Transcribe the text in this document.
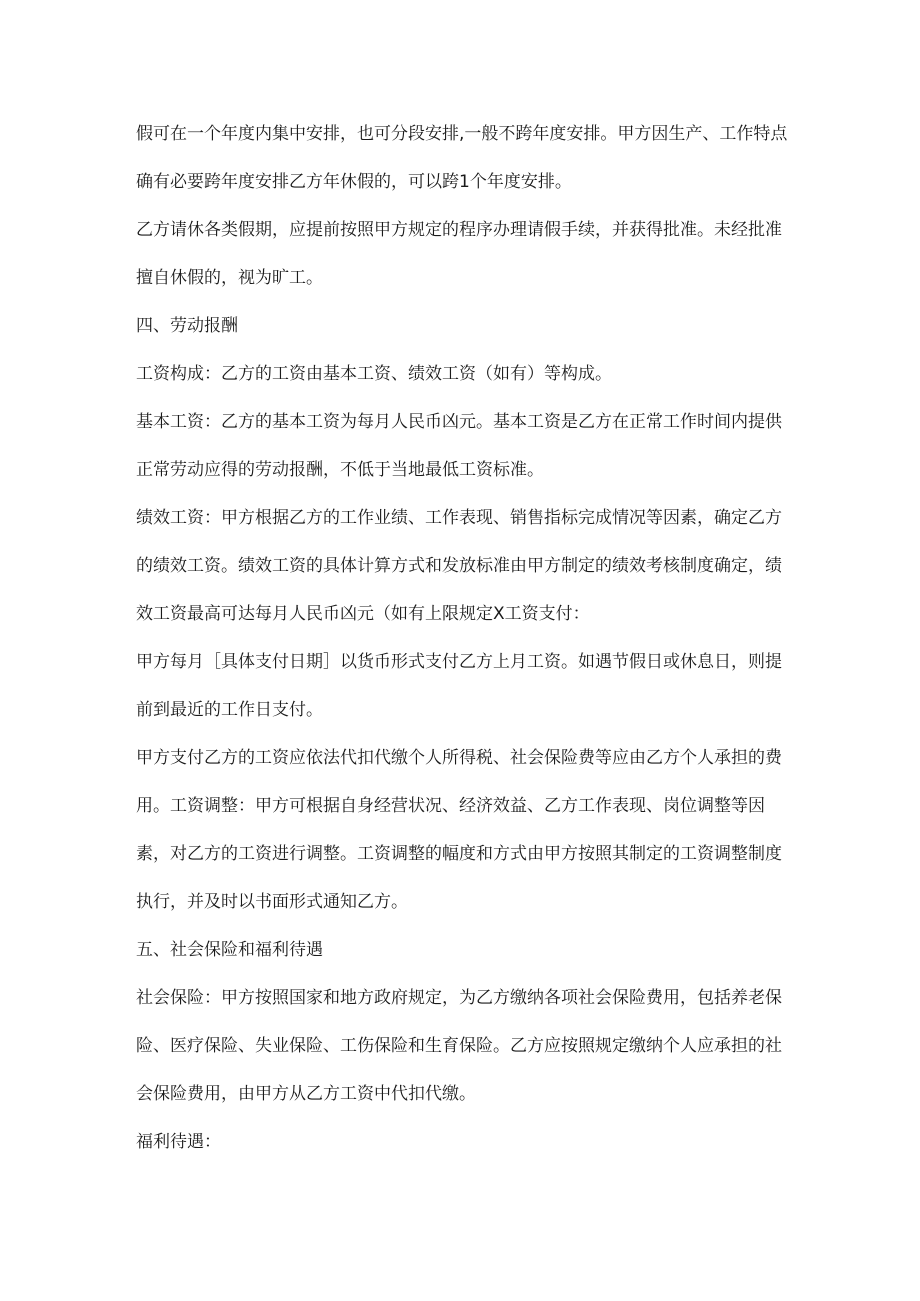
假可在一个年度内集中安排，也可分段安排,一般不跨年度安排。甲方因生产、工作特点
确有必要跨年度安排乙方年休假的，可以跨1个年度安排。
乙方请休各类假期，应提前按照甲方规定的程序办理请假手续，并获得批准。未经批准
擅自休假的，视为旷工。
四、劳动报酬
工资构成：乙方的工资由基本工资、绩效工资（如有）等构成。
基本工资：乙方的基本工资为每月人民币凶元。基本工资是乙方在正常工作时间内提供
正常劳动应得的劳动报酬，不低于当地最低工资标准。
绩效工资：甲方根据乙方的工作业绩、工作表现、销售指标完成情况等因素，确定乙方
的绩效工资。绩效工资的具体计算方式和发放标准由甲方制定的绩效考核制度确定，绩
效工资最高可达每月人民币凶元（如有上限规定X工资支付：
甲方每月［具体支付日期］以货币形式支付乙方上月工资。如遇节假日或休息日，则提
前到最近的工作日支付。
甲方支付乙方的工资应依法代扣代缴个人所得税、社会保险费等应由乙方个人承担的费
用。工资调整：甲方可根据自身经营状况、经济效益、乙方工作表现、岗位调整等因
素，对乙方的工资进行调整。工资调整的幅度和方式由甲方按照其制定的工资调整制度
执行，并及时以书面形式通知乙方。
五、社会保险和福利待遇
社会保险：甲方按照国家和地方政府规定，为乙方缴纳各项社会保险费用，包括养老保
险、医疗保险、失业保险、工伤保险和生育保险。乙方应按照规定缴纳个人应承担的社
会保险费用，由甲方从乙方工资中代扣代缴。
福利待遇：
